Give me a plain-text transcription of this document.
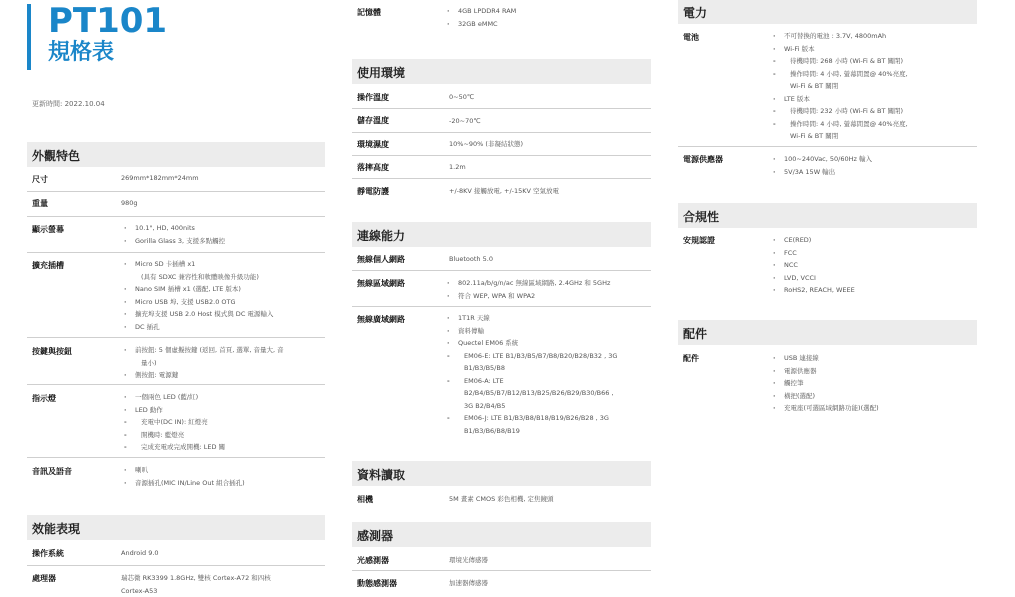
PT101
規格表
更新時間: 2022.10.04
外觀特色
尺寸	269mm*182mm*24mm
重量	980g
顯示螢幕	· 10.1", HD, 400nits
· Gorilla Glass 3, 支援多點觸控
擴充插槽	· Micro SD 卡插槽 x1
(具有 SDXC 兼容性和軟體映像升級功能)
· Nano SIM 插槽 x1 (選配, LTE 版本)
· Micro USB 埠, 支援 USB2.0 OTG
· 擴充埠支援 USB 2.0 Host 模式與 DC 電源輸入
· DC 插孔
按鍵與按鈕	· 前按鈕: 5 個虛擬按鍵 (返回, 首頁, 選單, 音量大, 音
量小)
· 側按鈕: 電源鍵
指示燈	· 一個兩色 LED (藍/紅)
· LED 動作
- 充電中(DC IN): 紅燈亮
- 開機時: 藍燈亮
- 完成充電或完成開機: LED 關
音訊及語音	· 喇叭
· 音源插孔(MIC IN/Line Out 組合插孔)
效能表現
操作系統	Android 9.0
處理器	瑞芯微 RK3399 1.8GHz, 雙核 Cortex-A72 和四核
Cortex-A53
記憶體	· 4GB LPDDR4 RAM
· 32GB eMMC
使用環境
操作溫度	0~50℃
儲存溫度	-20~70℃
環境濕度	10%~90% (非凝結狀態)
落摔高度	1.2m
靜電防護	+/-8KV 接觸放電, +/-15KV 空氣放電
連線能力
無線個人網路	Bluetooth 5.0
無線區域網路	· 802.11a/b/g/n/ac 無線區域網路, 2.4GHz 和 5GHz
· 符合 WEP, WPA 和 WPA2
無線廣域網路	· 1T1R 天線
· 資料傳輸
· Quectel EM06 系統
- EM06-E: LTE B1/B3/B5/B7/B8/B20/B28/B32 , 3G
B1/B3/B5/B8
- EM06-A: LTE
B2/B4/B5/B7/B12/B13/B25/B26/B29/B30/B66 ,
3G B2/B4/B5
- EM06-J: LTE B1/B3/B8/B18/B19/B26/B28 , 3G
B1/B3/B6/B8/B19
資料讀取
相機	5M 畫素 CMOS 彩色相機, 定焦鏡頭
感測器
光感測器	環境光傳感器
動態感測器	加速器傳感器
電力
電池	· 不可替換的電池 : 3.7V, 4800mAh
· Wi-Fi 版本
- 待機時間: 268 小時 (Wi-Fi & BT 關閉)
- 操作時間: 4 小時, 螢幕間置@ 40%亮度,
Wi-Fi & BT 關閉
· LTE 版本
- 待機時間: 232 小時 (Wi-Fi & BT 關閉)
- 操作時間: 4 小時, 螢幕間置@ 40%亮度,
Wi-Fi & BT 關閉
電源供應器	· 100~240Vac, 50/60Hz 輸入
· 5V/3A 15W 輸出
合規性
安規認證	· CE(RED)
· FCC
· NCC
· LVD, VCCI
· RoHS2, REACH, WEEE
配件
配件	· USB 連接線
· 電源供應器
· 觸控筆
· 橫把(選配)
· 充電座(可選區域網路功能)(選配)
